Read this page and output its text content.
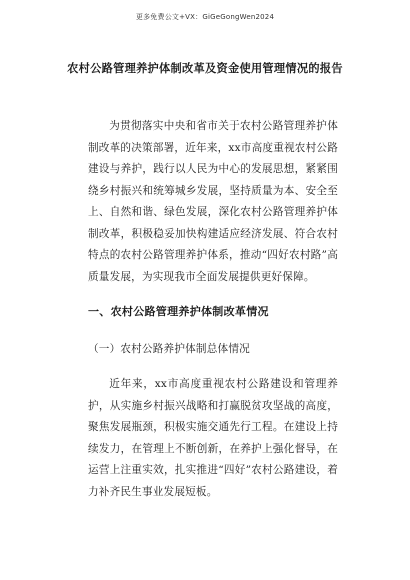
更多免费公文+VX：GiGeGongWen2024
农村公路管理养护体制改革及资金使用管理情况的报告

为贯彻落实中央和省市关于农村公路管理养护体制改革的决策部署，近年来，xx市高度重视农村公路建设与养护，践行以人民为中心的发展思想，紧紧围绕乡村振兴和统筹城乡发展，坚持质量为本、安全至上、自然和谐、绿色发展，深化农村公路管理养护体制改革，积极稳妥加快构建适应经济发展、符合农村特点的农村公路管理养护体系，推动“四好农村路”高质量发展，为实现我市全面发展提供更好保障。

一、农村公路管理养护体制改革情况
（一）农村公路养护体制总体情况

近年来，xx市高度重视农村公路建设和管理养护，从实施乡村振兴战略和打赢脱贫攻坚战的高度，聚焦发展瓶颈，积极实施交通先行工程。在建设上持续发力，在管理上不断创新，在养护上强化督导，在运营上注重实效，扎实推进“四好”农村公路建设，着力补齐民生事业发展短板。
